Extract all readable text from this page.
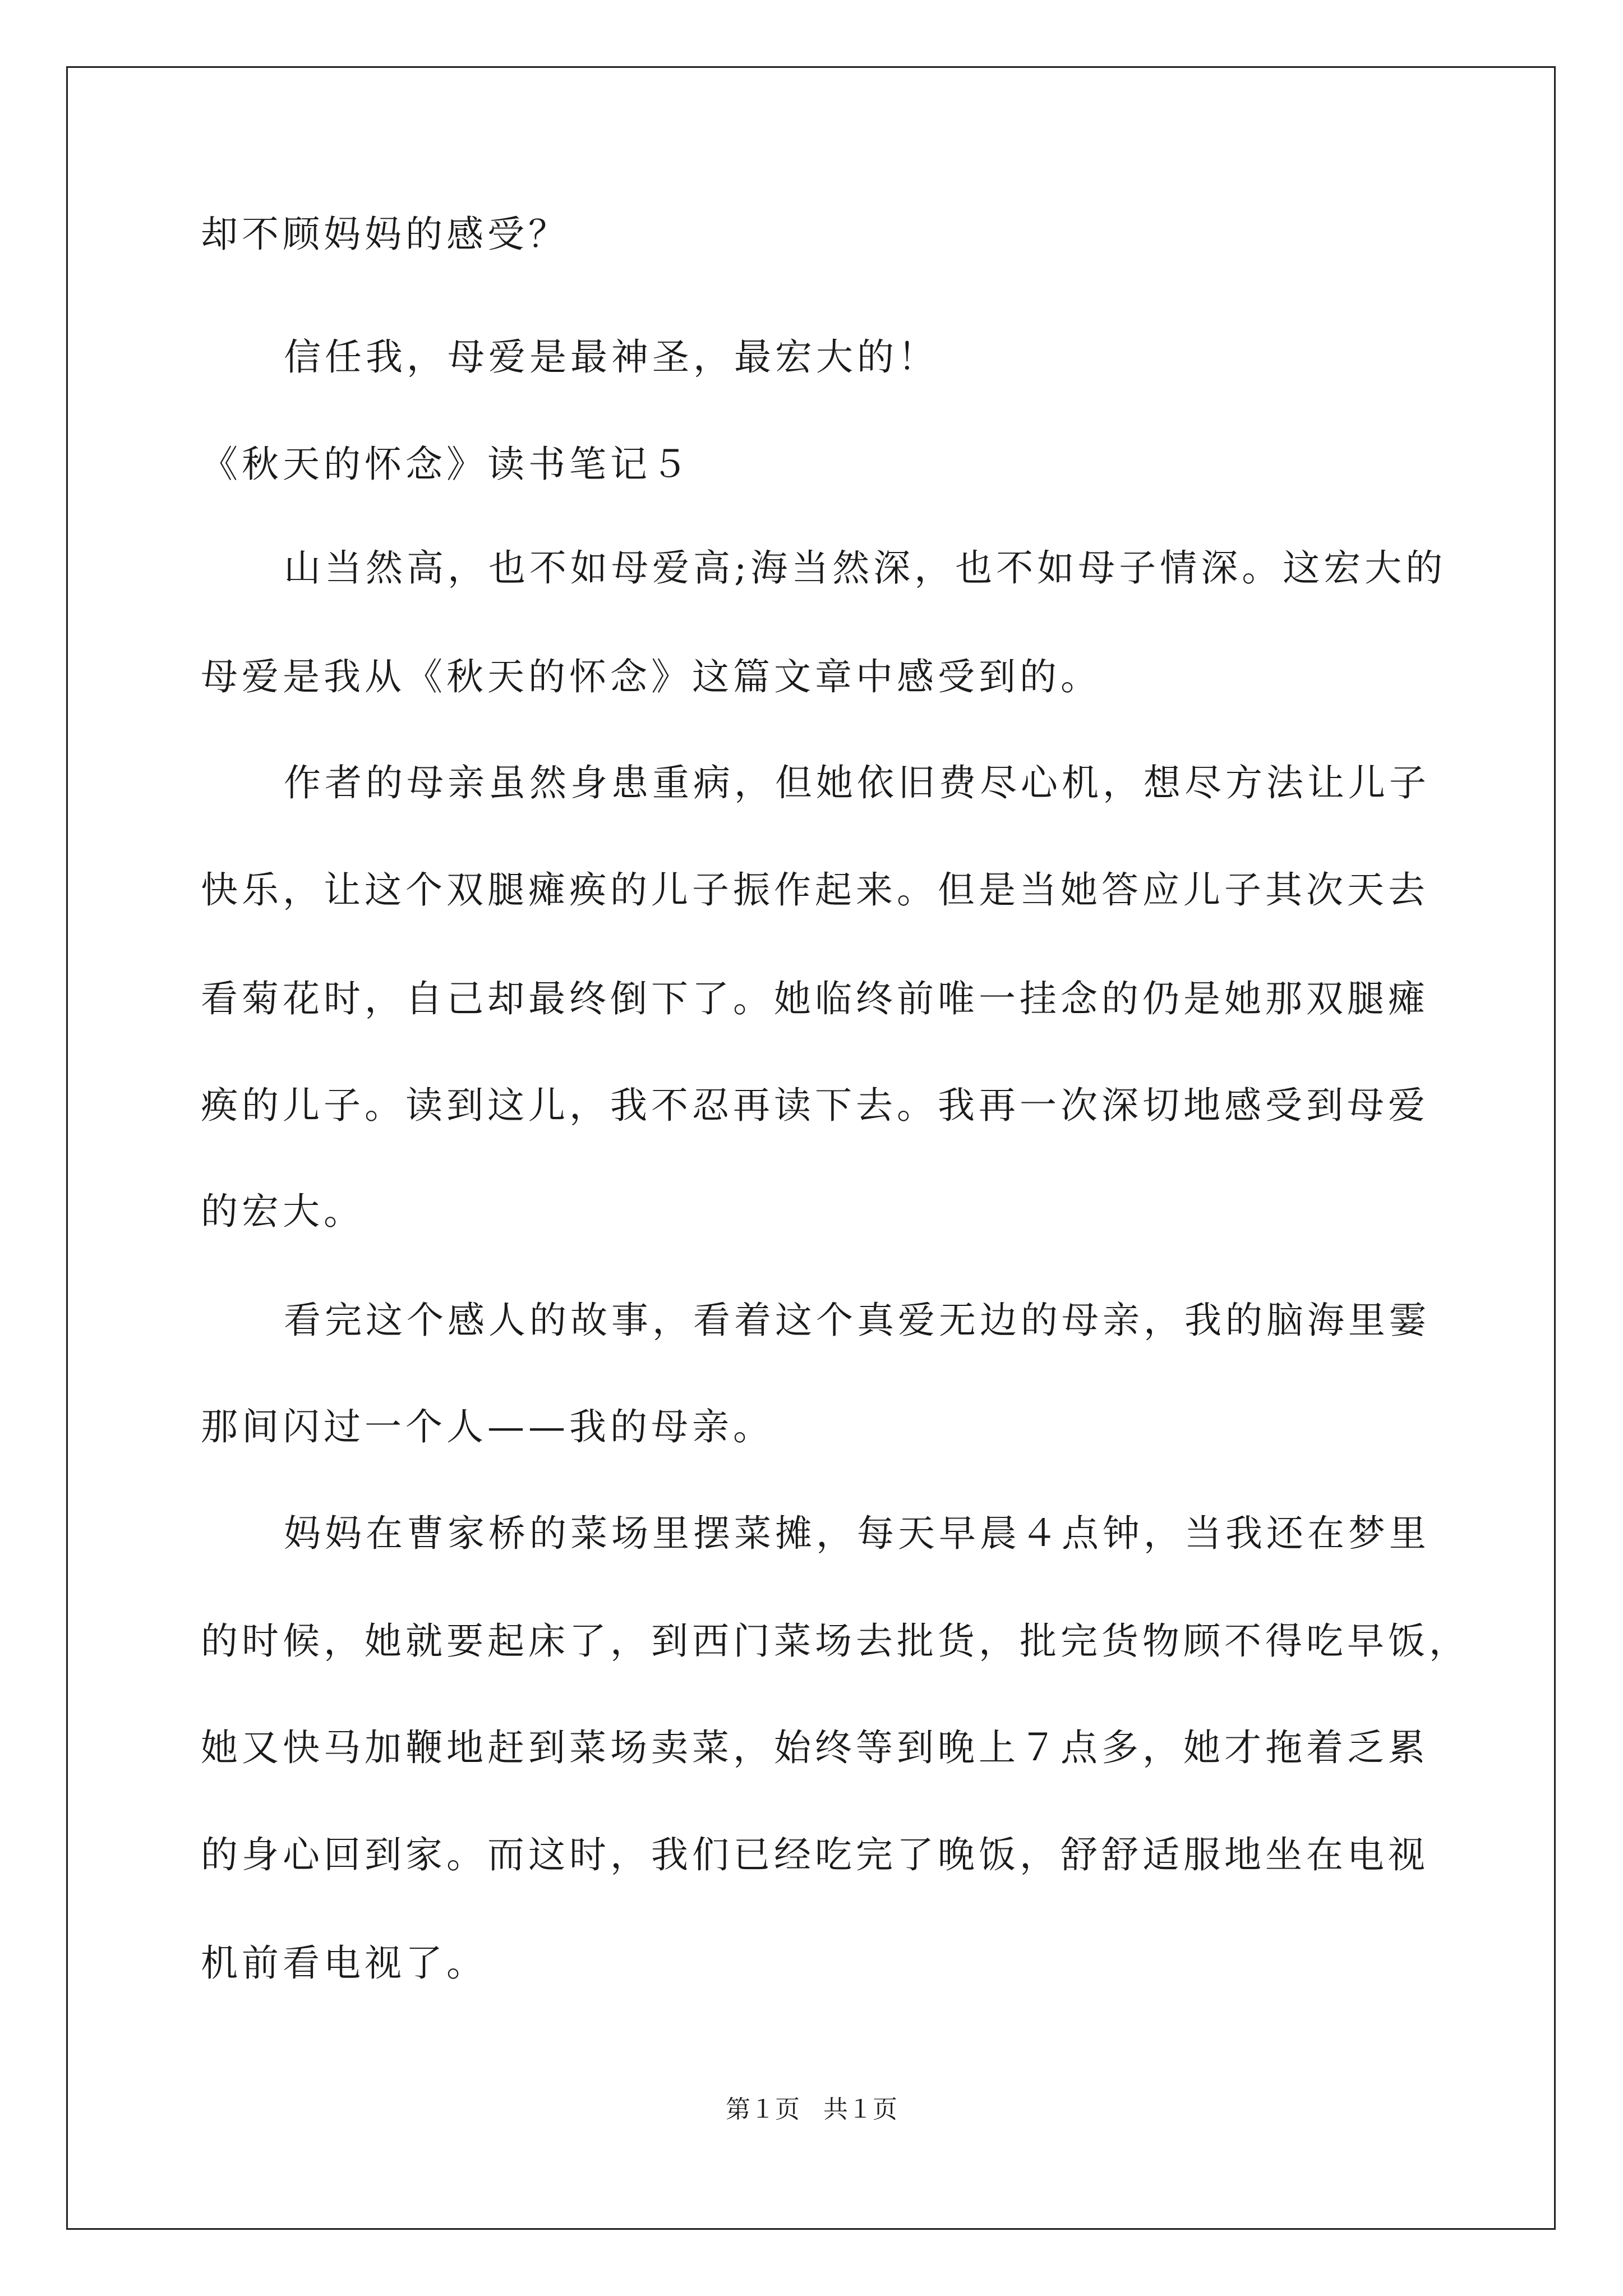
却不顾妈妈的感受？
信任我，母爱是最神圣，最宏大的！
《秋天的怀念》读书笔记５
山当然高，也不如母爱高;海当然深，也不如母子情深。这宏大的
母爱是我从《秋天的怀念》这篇文章中感受到的。
作者的母亲虽然身患重病，但她依旧费尽心机，想尽方法让儿子
快乐，让这个双腿瘫痪的儿子振作起来。但是当她答应儿子其次天去
看菊花时，自己却最终倒下了。她临终前唯一挂念的仍是她那双腿瘫
痪的儿子。读到这儿，我不忍再读下去。我再一次深切地感受到母爱
的宏大。
看完这个感人的故事，看着这个真爱无边的母亲，我的脑海里霎
那间闪过一个人——我的母亲。
妈妈在曹家桥的菜场里摆菜摊，每天早晨４点钟，当我还在梦里
的时候，她就要起床了，到西门菜场去批货，批完货物顾不得吃早饭，
她又快马加鞭地赶到菜场卖菜，始终等到晚上７点多，她才拖着乏累
的身心回到家。而这时，我们已经吃完了晚饭，舒舒适服地坐在电视
机前看电视了。
第１页 共１页
